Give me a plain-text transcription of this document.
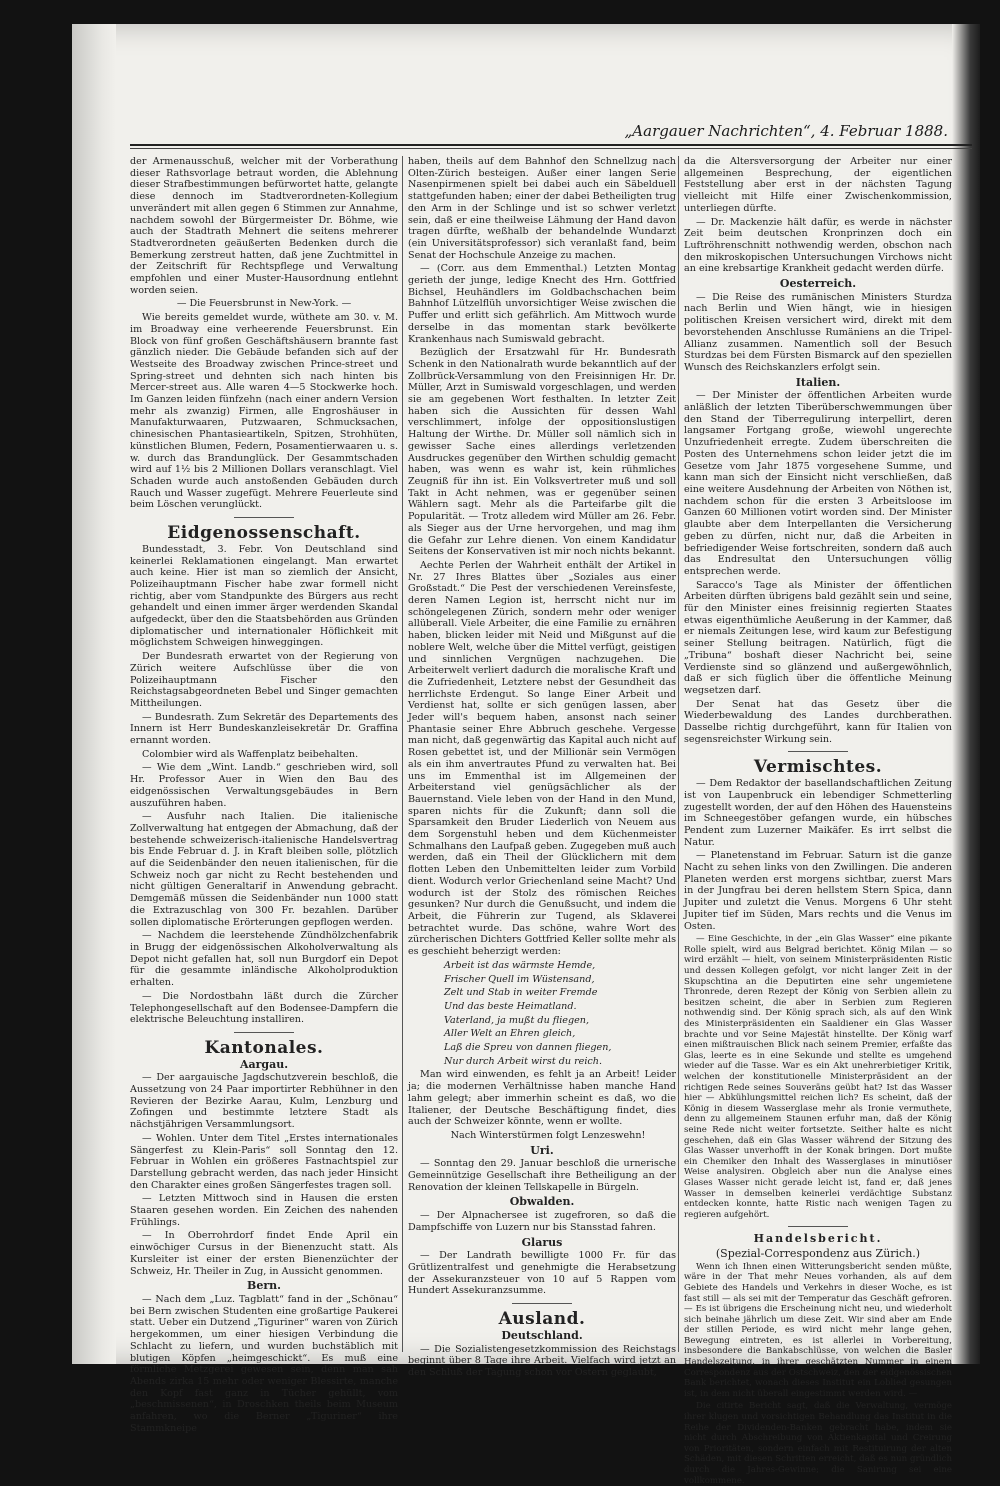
„Aargauer Nachrichten“, 4. Februar 1888.

der Armenausschuß, welcher mit der Vorberathung dieser Rathsvorlage betraut worden, die Ablehnung dieser Strafbestimmungen befürwortet hatte, gelangte diese dennoch im Stadtverordneten-Kollegium unverändert mit allen gegen 6 Stimmen zur Annahme, nachdem sowohl der Bürgermeister Dr. Böhme, wie auch der Stadtrath Mehnert die seitens mehrerer Stadtverordneten geäußerten Bedenken durch die Bemerkung zerstreut hatten, daß jene Zuchtmittel in der Zeitschrift für Rechtspflege und Verwaltung empfohlen und einer Muster-Hausordnung entlehnt worden seien.

— Die Feuersbrunst in New-York. —

Wie bereits gemeldet wurde, wüthete am 30. v. M. im Broadway eine verheerende Feuersbrunst. Ein Block von fünf großen Geschäftshäusern brannte fast gänzlich nieder. Die Gebäude befanden sich auf der Westseite des Broadway zwischen Prince-street und Spring-street und dehnten sich nach hinten bis Mercer-street aus. Alle waren 4—5 Stockwerke hoch. Im Ganzen leiden fünfzehn (nach einer andern Version mehr als zwanzig) Firmen, alle Engroshäuser in Manufakturwaaren, Putzwaaren, Schmucksachen, chinesischen Phantasieartikeln, Spitzen, Strohhüten, künstlichen Blumen, Federn, Posamentierwaaren u. s. w. durch das Brandunglück. Der Gesammtschaden wird auf 1½ bis 2 Millionen Dollars veranschlagt. Viel Schaden wurde auch anstoßenden Gebäuden durch Rauch und Wasser zugefügt. Mehrere Feuerleute sind beim Löschen verunglückt.

Eidgenossenschaft.

Bundesstadt, 3. Febr. Von Deutschland sind keinerlei Reklamationen eingelangt. Man erwartet auch keine. Hier ist man so ziemlich der Ansicht, Polizeihauptmann Fischer habe zwar formell nicht richtig, aber vom Standpunkte des Bürgers aus recht gehandelt und einen immer ärger werdenden Skandal aufgedeckt, über den die Staatsbehörden aus Gründen diplomatischer und internationaler Höflichkeit mit möglichstem Schweigen hinweggingen.

Der Bundesrath erwartet von der Regierung von Zürich weitere Aufschlüsse über die von Polizeihauptmann Fischer den Reichstagsabgeordneten Bebel und Singer gemachten Mittheilungen.

— Bundesrath. Zum Sekretär des Departements des Innern ist Herr Bundeskanzleisekretär Dr. Graffina ernannt worden.

Colombier wird als Waffenplatz beibehalten.

— Wie dem „Wint. Landb.“ geschrieben wird, soll Hr. Professor Auer in Wien den Bau des eidgenössischen Verwaltungsgebäudes in Bern auszuführen haben.

— Ausfuhr nach Italien. Die italienische Zollverwaltung hat entgegen der Abmachung, daß der bestehende schweizerisch-italienische Handelsvertrag bis Ende Februar d. J. in Kraft bleiben solle, plötzlich auf die Seidenbänder den neuen italienischen, für die Schweiz noch gar nicht zu Recht bestehenden und nicht gültigen Generaltarif in Anwendung gebracht. Demgemäß müssen die Seidenbänder nun 1000 statt die Extrazuschlag von 300 Fr. bezahlen. Darüber sollen diplomatische Erörterungen gepflogen werden.

— Nachdem die leerstehende Zündhölzchenfabrik in Brugg der eidgenössischen Alkoholverwaltung als Depot nicht gefallen hat, soll nun Burgdorf ein Depot für die gesammte inländische Alkoholproduktion erhalten.

— Die Nordostbahn läßt durch die Zürcher Telephongesellschaft auf den Bodensee-Dampfern die elektrische Beleuchtung installiren.

Kantonales.
Aargau.

— Der aargauische Jagdschutzverein beschloß, die Aussetzung von 24 Paar importirter Rebhühner in den Revieren der Bezirke Aarau, Kulm, Lenzburg und Zofingen und bestimmte letztere Stadt als nächstjährigen Versammlungsort.

— Wohlen. Unter dem Titel „Erstes internationales Sängerfest zu Klein-Paris“ soll Sonntag den 12. Februar in Wohlen ein größeres Fastnachtspiel zur Darstellung gebracht werden, das nach jeder Hinsicht den Charakter eines großen Sängerfestes tragen soll.

— Letzten Mittwoch sind in Hausen die ersten Staaren gesehen worden. Ein Zeichen des nahenden Frühlings.

— In Oberrohrdorf findet Ende April ein einwöchiger Cursus in der Bienenzucht statt. Als Kursleiter ist einer der ersten Bienenzüchter der Schweiz, Hr. Theiler in Zug, in Aussicht genommen.

Bern.

— Nach dem „Luz. Tagblatt“ fand in der „Schönau“ bei Bern zwischen Studenten eine großartige Paukerei statt. Ueber ein Dutzend „Tiguriner“ waren von Zürich hergekommen, um einer hiesigen Verbindung die Schlacht zu liefern, und wurden buchstäblich mit blutigen Köpfen „heimgeschickt“. Es muß eine förmliche Metzgerei gewesen sein, denn man sah Abends zirka 15 mehr oder weniger Blessirte, manche den Kopf fast ganz in Tücher gehüllt, vom „beschmissenen“, in Droschken theils beim Museum anfahren, wo die Berner „Tiguriner“ ihre Stammkneipe

haben, theils auf dem Bahnhof den Schnellzug nach Olten-Zürich besteigen. Außer einer langen Serie Nasenpirmenen spielt bei dabei auch ein Säbelduell stattgefunden haben; einer der dabei Betheiligten trug den Arm in der Schlinge und ist so schwer verletzt sein, daß er eine theilweise Lähmung der Hand davon tragen dürfte, weßhalb der behandelnde Wundarzt (ein Universitätsprofessor) sich veranlaßt fand, beim Senat der Hochschule Anzeige zu machen.

— (Corr. aus dem Emmenthal.) Letzten Montag gerieth der junge, ledige Knecht des Hrn. Gottfried Bichsel, Heuhändlers im Goldbachschachen beim Bahnhof Lützelflüh unvorsichtiger Weise zwischen die Puffer und erlitt sich gefährlich. Am Mittwoch wurde derselbe in das momentan stark bevölkerte Krankenhaus nach Sumiswald gebracht.

Bezüglich der Ersatzwahl für Hr. Bundesrath Schenk in den Nationalrath wurde bekanntlich auf der Zollbrück-Versammlung von den Freisinnigen Hr. Dr. Müller, Arzt in Sumiswald vorgeschlagen, und werden sie am gegebenen Wort festhalten. In letzter Zeit haben sich die Aussichten für dessen Wahl verschlimmert, infolge der oppositionslustigen Haltung der Wirthe. Dr. Müller soll nämlich sich in gewisser Sache eines allerdings verletzenden Ausdruckes gegenüber den Wirthen schuldig gemacht haben, was wenn es wahr ist, kein rühmliches Zeugniß für ihn ist. Ein Volksvertreter muß und soll Takt in Acht nehmen, was er gegenüber seinen Wählern sagt. Mehr als die Parteifarbe gilt die Popularität. — Trotz alledem wird Müller am 26. Febr. als Sieger aus der Urne hervorgehen, und mag ihm die Gefahr zur Lehre dienen. Von einem Kandidatur Seitens der Konservativen ist mir noch nichts bekannt.

Aechte Perlen der Wahrheit enthält der Artikel in Nr. 27 Ihres Blattes über „Soziales aus einer Großstadt.“ Die Pest der verschiedenen Vereinsfeste, deren Namen Legion ist, herrscht nicht nur im schöngelegenen Zürich, sondern mehr oder weniger allüberall. Viele Arbeiter, die eine Familie zu ernähren haben, blicken leider mit Neid und Mißgunst auf die noblere Welt, welche über die Mittel verfügt, geistigen und sinnlichen Vergnügen nachzugehen. Die Arbeiterwelt verliert dadurch die moralische Kraft und die Zufriedenheit, Letztere nebst der Gesundheit das herrlichste Erdengut. So lange Einer Arbeit und Verdienst hat, sollte er sich genügen lassen, aber Jeder will's bequem haben, ansonst nach seiner Phantasie seiner Ehre Abbruch geschehe. Vergesse man nicht, daß gegenwärtig das Kapital auch nicht auf Rosen gebettet ist, und der Millionär sein Vermögen als ein ihm anvertrautes Pfund zu verwalten hat. Bei uns im Emmenthal ist im Allgemeinen der Arbeiterstand viel genügsächlicher als der Bauernstand. Viele leben von der Hand in den Mund, sparen nichts für die Zukunft; dann soll die Sparsamkeit den Bruder Liederlich von Neuem aus dem Sorgenstuhl heben und dem Küchenmeister Schmalhans den Laufpaß geben. Zugegeben muß auch werden, daß ein Theil der Glücklichern mit dem flotten Leben den Unbemittelten leider zum Vorbild dient. Wodurch verlor Griechenland seine Macht? Und wodurch ist der Stolz des römischen Reiches gesunken? Nur durch die Genußsucht, und indem die Arbeit, die Führerin zur Tugend, als Sklaverei betrachtet wurde. Das schöne, wahre Wort des zürcherischen Dichters Gottfried Keller sollte mehr als es geschieht beherzigt werden:

Arbeit ist das wärmste Hemde,
Frischer Quell im Wüstensand,
Zelt und Stab in weiter Fremde
Und das beste Heimatland.
Vaterland, ja mußt du fliegen,
Aller Welt an Ehren gleich,
Laß die Spreu von dannen fliegen,
Nur durch Arbeit wirst du reich.

Man wird einwenden, es fehlt ja an Arbeit! Leider ja; die modernen Verhältnisse haben manche Hand lahm gelegt; aber immerhin scheint es daß, wo die Italiener, der Deutsche Beschäftigung findet, dies auch der Schweizer könnte, wenn er wollte.

Nach Winterstürmen folgt Lenzeswehn!

Uri.

— Sonntag den 29. Januar beschloß die urnerische Gemeinnützige Gesellschaft ihre Betheiligung an der Renovation der kleinen Tellskapelle in Bürgeln.

Obwalden.

— Der Alpnachersee ist zugefroren, so daß die Dampfschiffe von Luzern nur bis Stansstad fahren.

Glarus

— Der Landrath bewilligte 1000 Fr. für das Grütlizentralfest und genehmigte die Herabsetzung der Assekuranzsteuer von 10 auf 5 Rappen vom Hundert Assekuranzsumme.

Ausland.
Deutschland.

— Die Sozialistengesetzkommission des Reichstags beginnt über 8 Tage ihre Arbeit. Vielfach wird jetzt an den Schluß der Tagung schon vor Ostern geglaubt,

da die Altersversorgung der Arbeiter nur einer allgemeinen Besprechung, der eigentlichen Feststellung aber erst in der nächsten Tagung vielleicht mit Hilfe einer Zwischenkommission, unterliegen dürfte.

— Dr. Mackenzie hält dafür, es werde in nächster Zeit beim deutschen Kronprinzen doch ein Luftröhrenschnitt nothwendig werden, obschon nach den mikroskopischen Untersuchungen Virchows nicht an eine krebsartige Krankheit gedacht werden dürfe.

Oesterreich.

— Die Reise des rumänischen Ministers Sturdza nach Berlin und Wien hängt, wie in hiesigen politischen Kreisen versichert wird, direkt mit dem bevorstehenden Anschlusse Rumäniens an die Tripel-Allianz zusammen. Namentlich soll der Besuch Sturdzas bei dem Fürsten Bismarck auf den speziellen Wunsch des Reichskanzlers erfolgt sein.

Italien.

— Der Minister der öffentlichen Arbeiten wurde anläßlich der letzten Tiberüberschwemmungen über den Stand der Tiberregulirung interpellirt, deren langsamer Fortgang große, wiewohl ungerechte Unzufriedenheit erregte. Zudem überschreiten die Posten des Unternehmens schon leider jetzt die im Gesetze vom Jahr 1875 vorgesehene Summe, und kann man sich der Einsicht nicht verschließen, daß eine weitere Ausdehnung der Arbeiten von Nöthen ist, nachdem schon für die ersten 3 Arbeitsloose im Ganzen 60 Millionen votirt worden sind. Der Minister glaubte aber dem Interpellanten die Versicherung geben zu dürfen, nicht nur, daß die Arbeiten in befriedigender Weise fortschreiten, sondern daß auch das Endresultat den Untersuchungen völlig entsprechen werde.

Saracco's Tage als Minister der öffentlichen Arbeiten dürften übrigens bald gezählt sein und seine, für den Minister eines freisinnig regierten Staates etwas eigenthümliche Aeußerung in der Kammer, daß er niemals Zeitungen lese, wird kaum zur Befestigung seiner Stellung beitragen. Natürlich, fügt die „Tribuna“ boshaft dieser Nachricht bei, seine Verdienste sind so glänzend und außergewöhnlich, daß er sich füglich über die öffentliche Meinung wegsetzen darf.

Der Senat hat das Gesetz über die Wiederbewaldung des Landes durchberathen. Dasselbe richtig durchgeführt, kann für Italien von segensreichster Wirkung sein.

Vermischtes.

— Dem Redaktor der basellandschaftlichen Zeitung ist von Laupenbruck ein lebendiger Schmetterling zugestellt worden, der auf den Höhen des Hauensteins im Schneegestöber gefangen wurde, ein hübsches Pendent zum Luzerner Maikäfer. Es irrt selbst die Natur.

— Planetenstand im Februar. Saturn ist die ganze Nacht zu sehen links von den Zwillingen. Die anderen Planeten werden erst morgens sichtbar, zuerst Mars in der Jungfrau bei deren hellstem Stern Spica, dann Jupiter und zuletzt die Venus. Morgens 6 Uhr steht Jupiter tief im Süden, Mars rechts und die Venus im Osten.

— Eine Geschichte, in der „ein Glas Wasser“ eine pikante Rolle spielt, wird aus Belgrad berichtet. König Milan — so wird erzählt — hielt, von seinem Ministerpräsidenten Ristic und dessen Kollegen gefolgt, vor nicht langer Zeit in der Skupschtina an die Deputirten eine sehr ungemietene Thronrede, deren Rezept der König von Serbien allein zu besitzen scheint, die aber in Serbien zum Regieren nothwendig sind. Der König sprach sich, als auf den Wink des Ministerpräsidenten ein Saaldiener ein Glas Wasser brachte und vor Seine Majestät hinstellte. Der König warf einen mißtrauischen Blick nach seinem Premier, erfaßte das Glas, leerte es in eine Sekunde und stellte es umgehend wieder auf die Tasse. War es ein Akt unehrerbietiger Kritik, welchen der konstitutionelle Ministerpräsident an der richtigen Rede seines Souveräns geübt hat? Ist das Wasser hier — Abkühlungsmittel reichen lich? Es scheint, daß der König in diesem Wasserglase mehr als Ironie vermuthete, denn zu allgemeinem Staunen erfuhr man, daß der König seine Rede nicht weiter fortsetzte. Seither halte es nicht geschehen, daß ein Glas Wasser während der Sitzung des Glas Wasser unverhofft in der Konak bringen. Dort mußte ein Chemiker den Inhalt des Wasserglases in minutiöser Weise analysiren. Obgleich aber nun die Analyse eines Glases Wasser nicht gerade leicht ist, fand er, daß jenes Wasser in demselben keinerlei verdächtige Substanz entdecken konnte, hatte Ristic nach wenigen Tagen zu regieren aufgehört.

Handelsbericht.
(Spezial-Correspondenz aus Zürich.)

Wenn ich Ihnen einen Witterungsbericht senden müßte, wäre in der That mehr Neues vorhanden, als auf dem Gebiete des Handels und Verkehrs in dieser Woche, es ist fast still — als sei mit der Temperatur das Geschäft gefroren. — Es ist übrigens die Erscheinung nicht neu, und wiederholt sich beinahe jährlich um diese Zeit. Wir sind aber am Ende der stillen Periode, es wird nicht mehr lange gehen, Bewegung eintreten, es ist allerlei in Vorbereitung, insbesondere die Bankabschlüsse, von welchen die Basler Handelszeitung, in ihrer geschätzten Nummer in einem Correspondenz aus der Ostschweiz, den der eidgenössischen Bank berichtet, wonach dieses Institut ein Loblied gesungen ist, in dem nicht überall eingestimmt werden wird. —

Die citirte Bericht sagt, daß die Verwaltung, vermöge ihrer klugen und vorsichtigen Behandlung das Institut in die Reihe der Dividenden-Banken gebracht habe, indem sie nicht durch Abschreibung von Aktienkapital und Creirung von Prioritäten, sondern einfach mit Restituirung der alten Schäden, mit diesen Schritten erreicht, daß es nun gründlich durch die Jahres-Gewinne; die Sanirung sei eine vollkommene.
